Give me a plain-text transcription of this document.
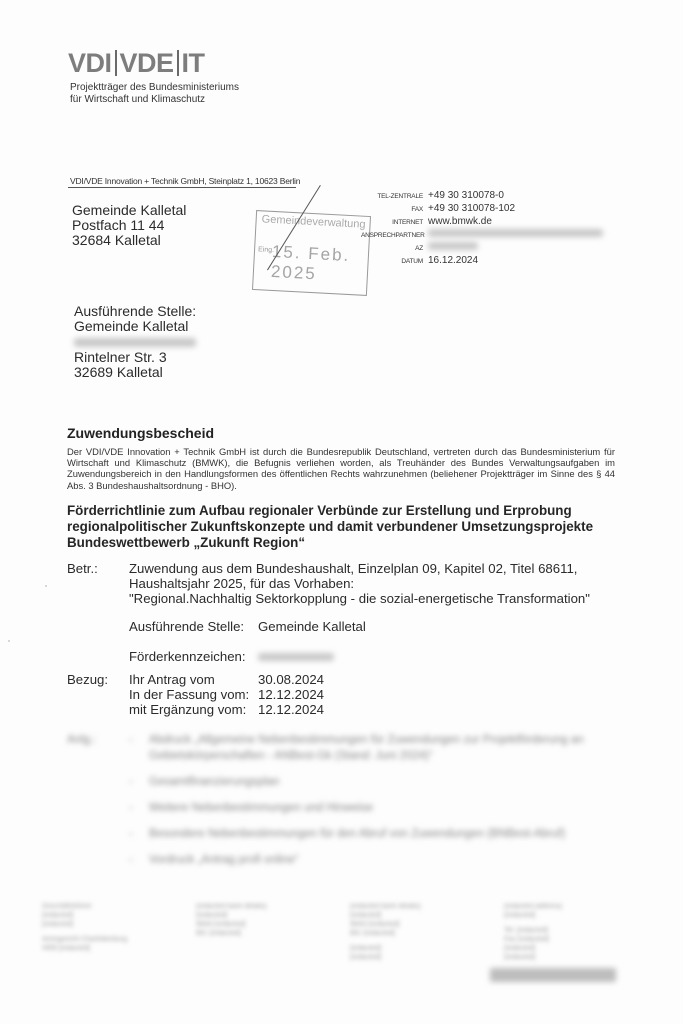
VDI VDE IT
Projektträger des Bundesministeriums
für Wirtschaft und Klimaschutz
VDI/VDE Innovation + Technik GmbH, Steinplatz 1, 10623 Berlin
Gemeinde Kalletal
Postfach 11 44
32684 Kalletal
Gemeindeverwaltung
Eing.
15. Feb. 2025
TEL-ZENTRALE +49 30 310078-0
FAX +49 30 310078-102
INTERNET www.bmwk.de
ANSPRECHPARTNER
AZ
DATUM 16.12.2024
Ausführende Stelle:
Gemeinde Kalletal
Rintelner Str. 3
32689 Kalletal
Zuwendungsbescheid
Der VDI/VDE Innovation + Technik GmbH ist durch die Bundesrepublik Deutschland, vertreten durch das Bundesministerium für Wirtschaft und Klimaschutz (BMWK), die Befugnis verliehen worden, als Treuhänder des Bundes Verwaltungsaufgaben im Zuwendungsbereich in den Handlungsformen des öffentlichen Rechts wahrzunehmen (beliehener Projektträger im Sinne des § 44 Abs. 3 Bundeshaushaltsordnung - BHO).
Förderrichtlinie zum Aufbau regionaler Verbünde zur Erstellung und Erprobung
regionalpolitischer Zukunftskonzepte und damit verbundener Umsetzungsprojekte
Bundeswettbewerb „Zukunft Region“
Betr.: Zuwendung aus dem Bundeshaushalt, Einzelplan 09, Kapitel 02, Titel 68611,
Haushaltsjahr 2025, für das Vorhaben:
"Regional.Nachhaltig Sektorkopplung - die sozial-energetische Transformation"
Ausführende Stelle: Gemeinde Kalletal
Förderkennzeichen:
Bezug: Ihr Antrag vom	30.08.2024
In der Fassung vom: 12.12.2024
mit Ergänzung vom: 12.12.2024
Anlg.:	- Abdruck „Allgemeine Nebenbestimmungen für Zuwendungen zur Projektförderung an Gebietskörperschaften - ANBest-Gk (Stand: Juni 2024)“
- Gesamtfinanzierungsplan
- Weitere Nebenbestimmungen und Hinweise
- Besondere Nebenbestimmungen für den Abruf von Zuwendungen (BNBest-Abruf)
- Vordruck „Antrag profi online“

Geschäftsführer
[redacted]
[redacted]

Amtsgericht Charlottenburg
HRB [redacted]

[redacted bank details]
[redacted]
IBAN [redacted]
BIC [redacted]

[redacted bank details]
[redacted]
IBAN [redacted]
BIC [redacted]

[redacted]
[redacted]

[redacted address]
[redacted]

Tel. [redacted]
Fax [redacted]
[redacted]
[redacted]
